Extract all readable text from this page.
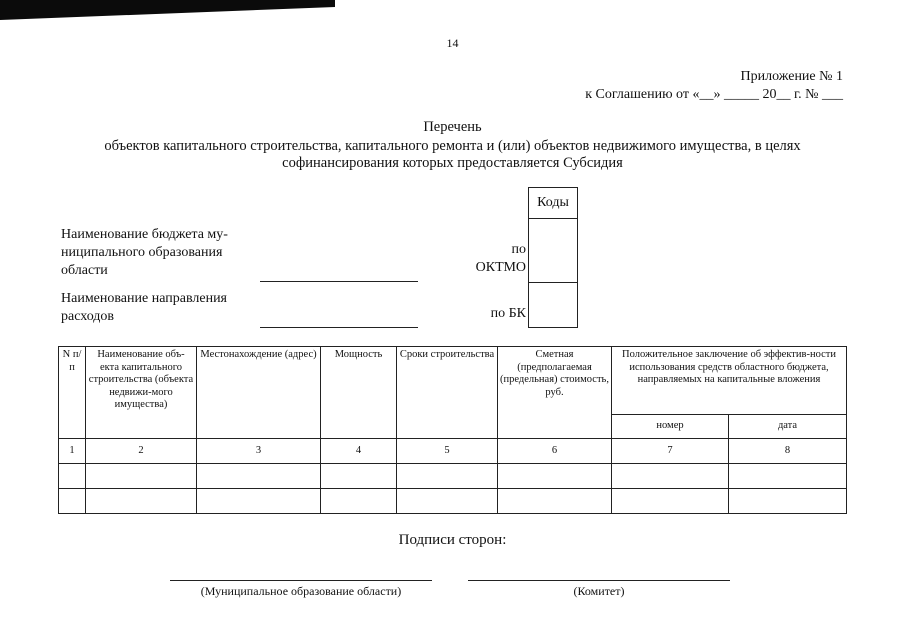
14
Приложение № 1
к Соглашению от «__» _____ 20__ г. № ___
Перечень
объектов капитального строительства, капитального ремонта и (или) объектов недвижимого имущества, в целях
софинансирования которых предоставляется Субсидия
Коды

Наименование бюджета му-
ниципального образования
области
по
ОКТМО
Наименование направления
расходов	по БК
N п/п	Наименование объ-екта капитального строительства (объекта недвижи-мого имущества)	Местонахождение (адрес)	Мощность	Сроки строительства	Сметная (предполагаемая (предельная) стоимость, руб.	Положительное заключение об эффектив-ности использования средств областного бюджета, направляемых на капитальные вложения	
						номер	дата
1	2	3	4	5	6	7	8

Подписи сторон:
(Муниципальное образование области)	(Комитет)
